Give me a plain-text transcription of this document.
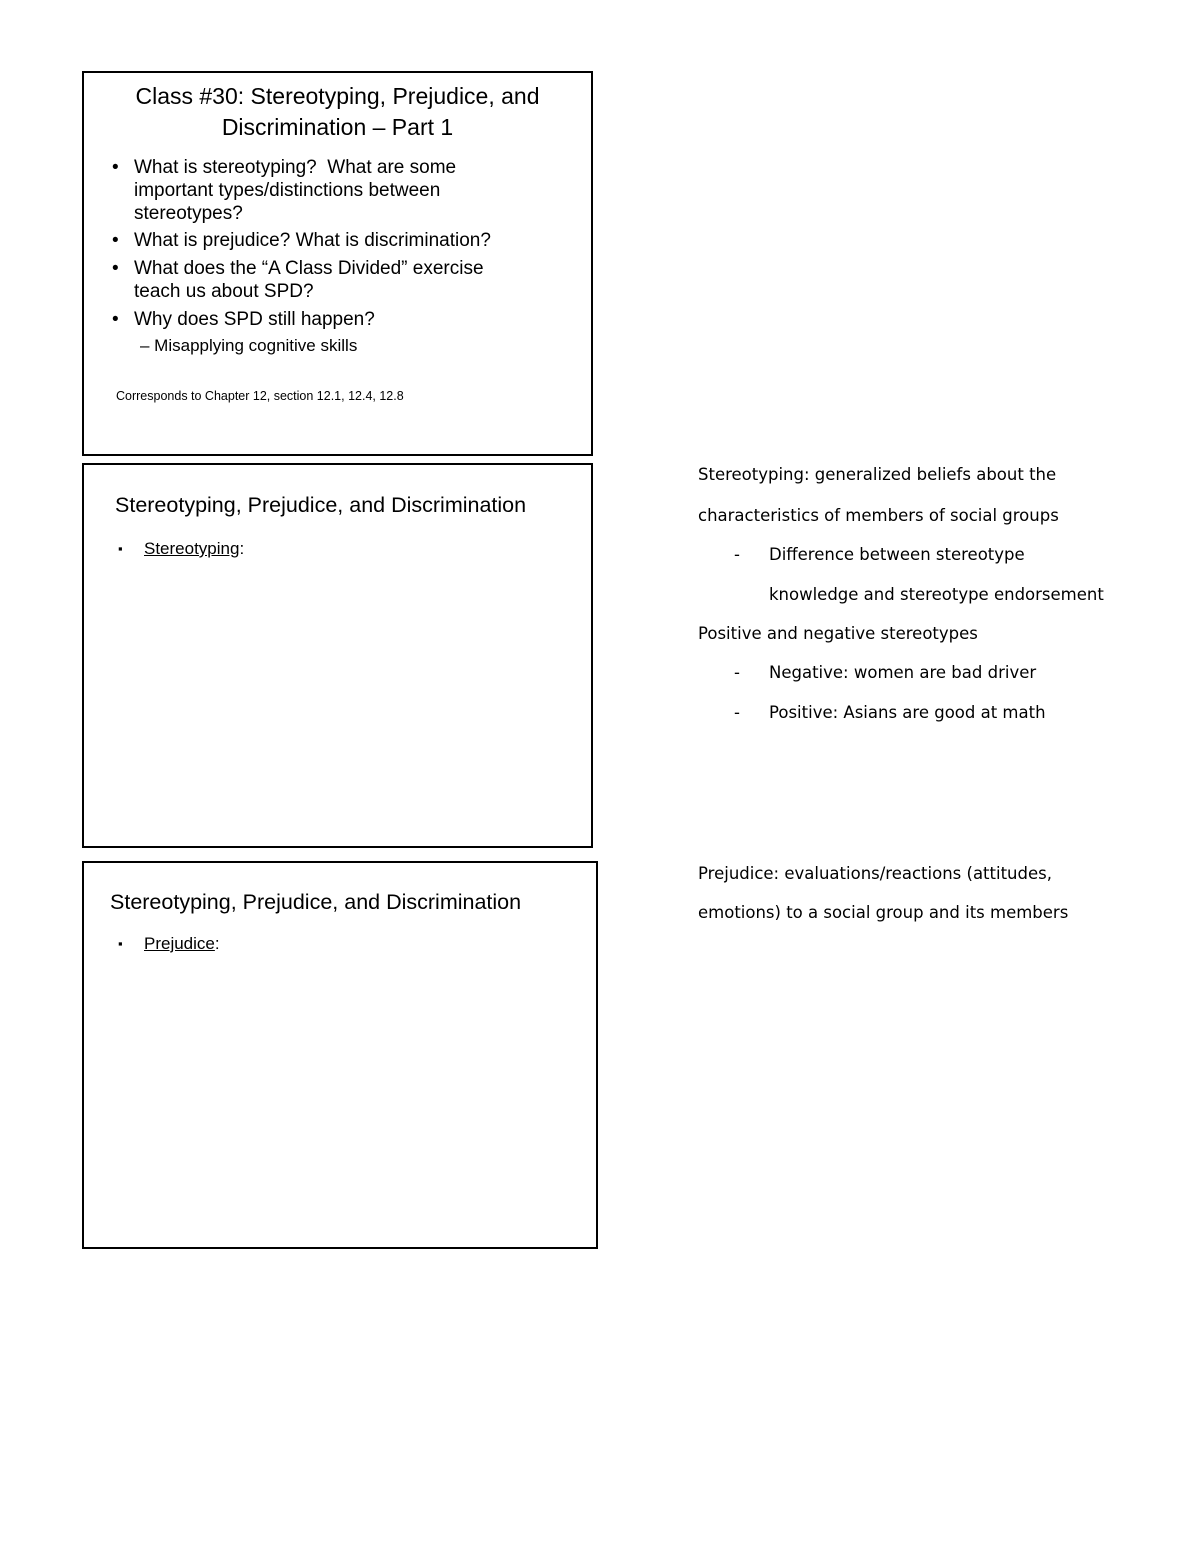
Class #30: Stereotyping, Prejudice, and
Discrimination – Part 1
• What is stereotyping?  What are some
important types/distinctions between
stereotypes?
• What is prejudice? What is discrimination?
• What does the “A Class Divided” exercise
teach us about SPD?
• Why does SPD still happen?
– Misapplying cognitive skills
Corresponds to Chapter 12, section 12.1, 12.4, 12.8
Stereotyping, Prejudice, and Discrimination
▪ Stereotyping:
Stereotyping, Prejudice, and Discrimination
▪ Prejudice:

Stereotyping: generalized beliefs about the

characteristics of members of social groups

-

Difference between stereotype

knowledge and stereotype endorsement

Positive and negative stereotypes

-

Negative: women are bad driver

-

Positive: Asians are good at math

Prejudice: evaluations/reactions (attitudes,

emotions) to a social group and its members
